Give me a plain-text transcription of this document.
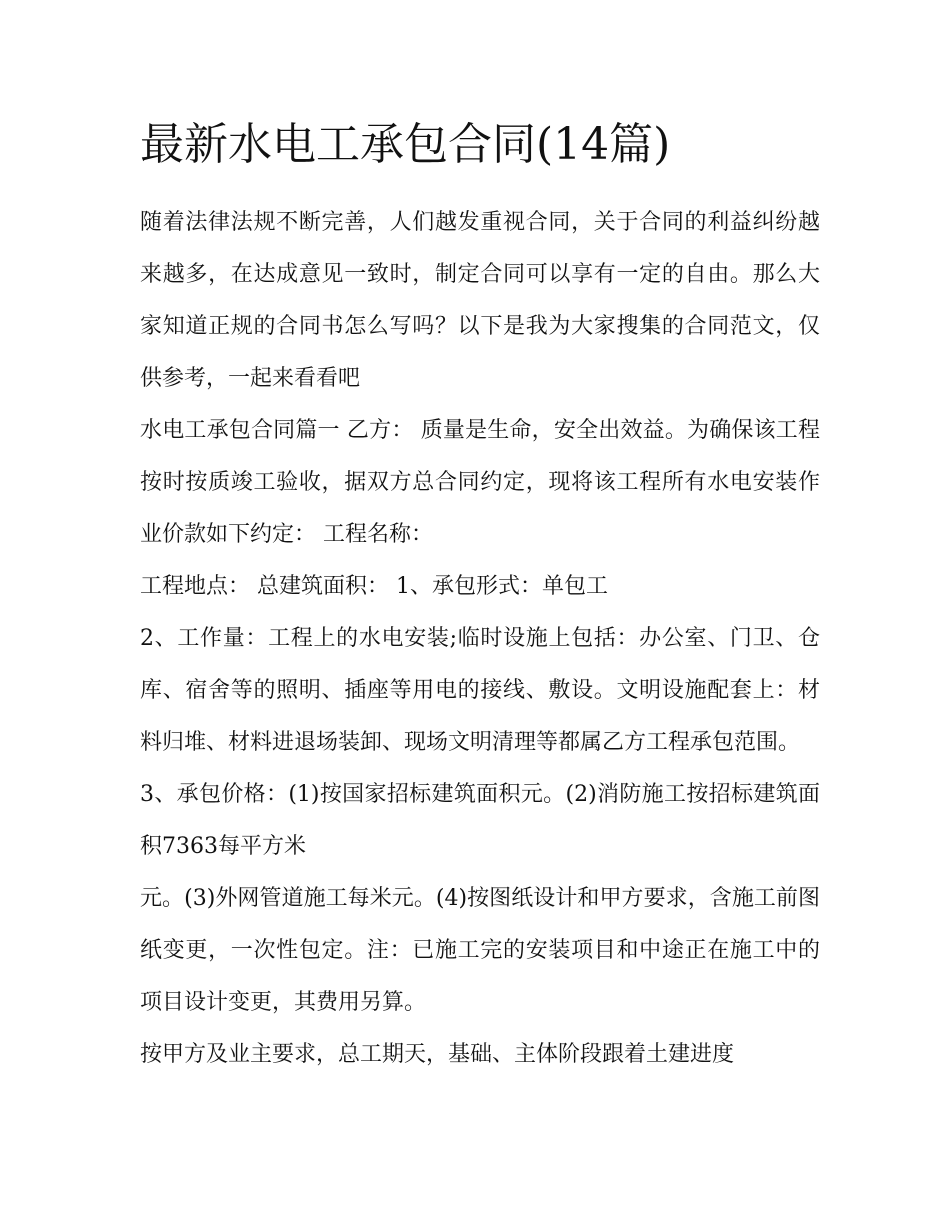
最新水电工承包合同(14篇)

随着法律法规不断完善，人们越发重视合同，关于合同的利益纠纷越来越多，在达成意见一致时，制定合同可以享有一定的自由。那么大家知道正规的合同书怎么写吗？以下是我为大家搜集的合同范文，仅供参考，一起来看看吧

水电工承包合同篇一 乙方： 质量是生命，安全出效益。为确保该工程按时按质竣工验收，据双方总合同约定，现将该工程所有水电安装作业价款如下约定： 工程名称：

工程地点： 总建筑面积： 1、承包形式：单包工

2、工作量：工程上的水电安装;临时设施上包括：办公室、门卫、仓库、宿舍等的照明、插座等用电的接线、敷设。文明设施配套上：材料归堆、材料进退场装卸、现场文明清理等都属乙方工程承包范围。

3、承包价格：(1)按国家招标建筑面积元。(2)消防施工按招标建筑面积7363每平方米

元。(3)外网管道施工每米元。(4)按图纸设计和甲方要求，含施工前图纸变更，一次性包定。注：已施工完的安装项目和中途正在施工中的项目设计变更，其费用另算。

按甲方及业主要求，总工期天，基础、主体阶段跟着土建进度
